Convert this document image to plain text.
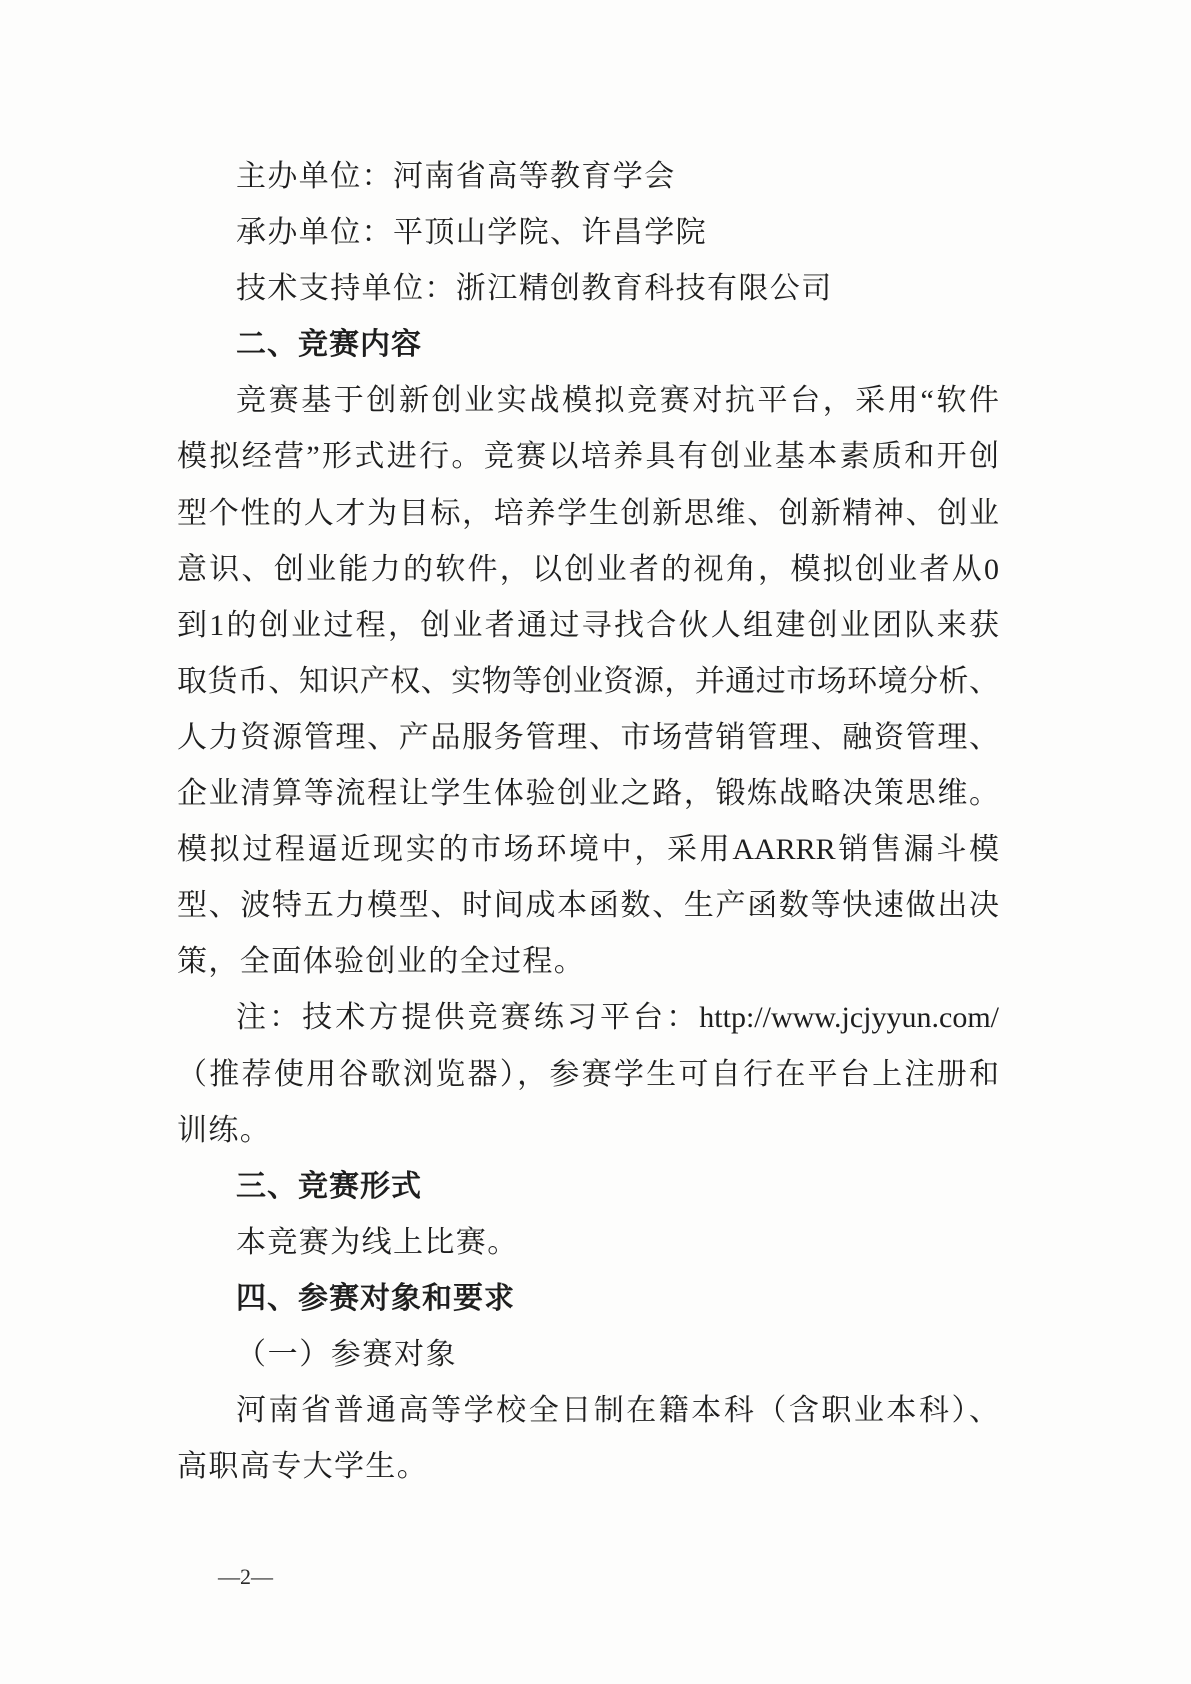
主办单位：河南省高等教育学会
承办单位：平顶山学院、许昌学院
技术支持单位：浙江精创教育科技有限公司
二、竞赛内容
竞赛基于创新创业实战模拟竞赛对抗平台，采用“软件
模拟经营”形式进行。竞赛以培养具有创业基本素质和开创
型个性的人才为目标，培养学生创新思维、创新精神、创业
意识、创业能力的软件，以创业者的视角，模拟创业者从0
到1的创业过程，创业者通过寻找合伙人组建创业团队来获
取货币、知识产权、实物等创业资源，并通过市场环境分析、
人力资源管理、产品服务管理、市场营销管理、融资管理、
企业清算等流程让学生体验创业之路，锻炼战略决策思维。
模拟过程逼近现实的市场环境中，采用AARRR销售漏斗模
型、波特五力模型、时间成本函数、生产函数等快速做出决
策，全面体验创业的全过程。
注：技术方提供竞赛练习平台：http://www.jcjyyun.com/
（推荐使用谷歌浏览器），参赛学生可自行在平台上注册和
训练。
三、竞赛形式
本竞赛为线上比赛。
四、参赛对象和要求
（一）参赛对象
河南省普通高等学校全日制在籍本科（含职业本科）、
高职高专大学生。
—2—
